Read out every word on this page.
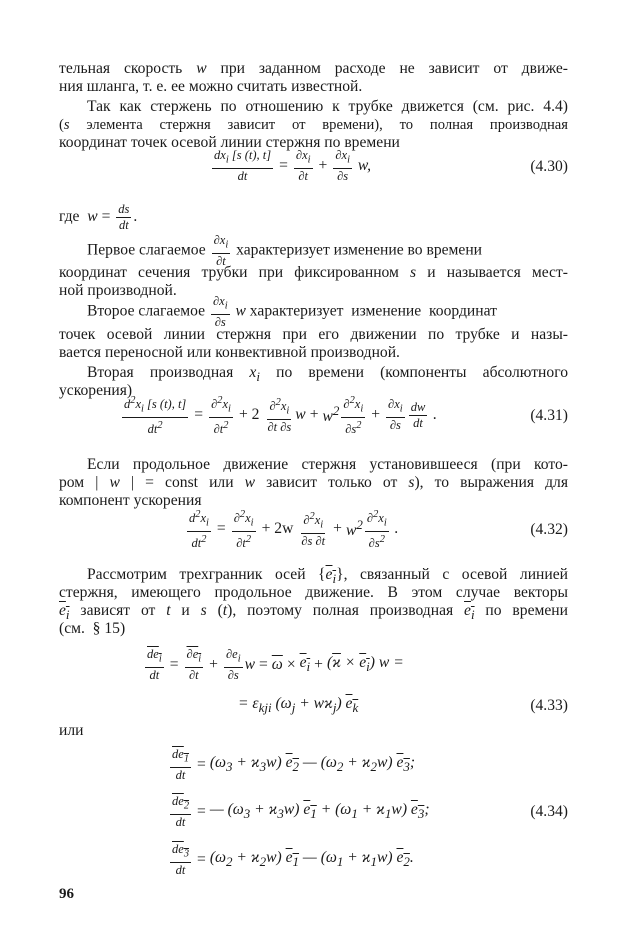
тельная скорость w при заданном расходе не зависит от движе-
ния шланга, т. е. ее можно считать известной.
Так как стержень по отношению к трубке движется (см. рис. 4.4)
(s элемента стержня зависит от времени), то полная производная
координат точек осевой линии стержня по времени
$\frac{dx_i [s (t), t]}{dt} = \frac{\partial x_i}{\partial t} + \frac{\partial x_i}{\partial s} w$,	(4.30)
где $w = \frac{ds}{dt}$ .
Первое слагаемое $\frac{\partial x_i}{\partial t}$ характеризует изменение во времени
координат сечения трубки при фиксированном s и называется мест-
ной производной.
Второе слагаемое $\frac{\partial x_i}{\partial s}$ w характеризует  изменение  координат
точек осевой линии стержня при его движении по трубке и назы-
вается переносной или конвективной производной.
Вторая производная $x_i$ по времени (компоненты абсолютного
ускорения)
$\frac{d^2x_i [s (t), t]}{dt^2} = \frac{\partial^2x_i}{\partial t^2} + 2 \frac{\partial^2x_i}{\partial t \partial s}$ $w + w^2 \frac{\partial^2x_i}{\partial s^2} + \frac{\partial x_i}{\partial s} \frac{dw}{dt}$ .	(4.31)
Если продольное движение стержня установившееся (при кото-
ром | w | = const или w зависит только от s), то выражения для
компонент ускорения
$\frac{d^2x_i}{dt^2} = \frac{\partial^2x_i}{\partial t^2} + 2w \frac{\partial^2x_i}{\partial s \partial t} + w^2 \frac{\partial^2x_i}{\partial s^2}$ .	(4.32)
Рассмотрим трехгранник осей $\{e_i\}$, связанный с осевой линией
стержня, имеющего продольное движение. В этом случае векторы
$e_i$ зависят от t и s (t), поэтому полная производная $e_i$ по времени
(см.  § 15)
$\frac{de_i}{dt} = \frac{\partial e_i}{\partial t} + \frac{\partial e_i}{\partial s}$ $w = \overline{\omega} \times e_i + (\overline{ϰ} \times e_i) w$ =
= $\varepsilon_{kji}$ $(\omega_j + wϰ_j)$ $e_k$	(4.33)
или
$\frac{de_1}{dt} = (\omega_3 + ϰ_3w)$ $e_2$ — $(\omega_2 + ϰ_2w)$ $e_3$;
$\frac{de_2}{dt}$ = — $(\omega_3 + ϰ_3w) e_1 + (\omega_1 + ϰ_1w)$ $e_3$;	(4.34)
$\frac{de_3}{dt} = (\omega_2 + ϰ_2w)$ $e_1$ — $(\omega_1 + ϰ_1w)$ $e_2$.
96
